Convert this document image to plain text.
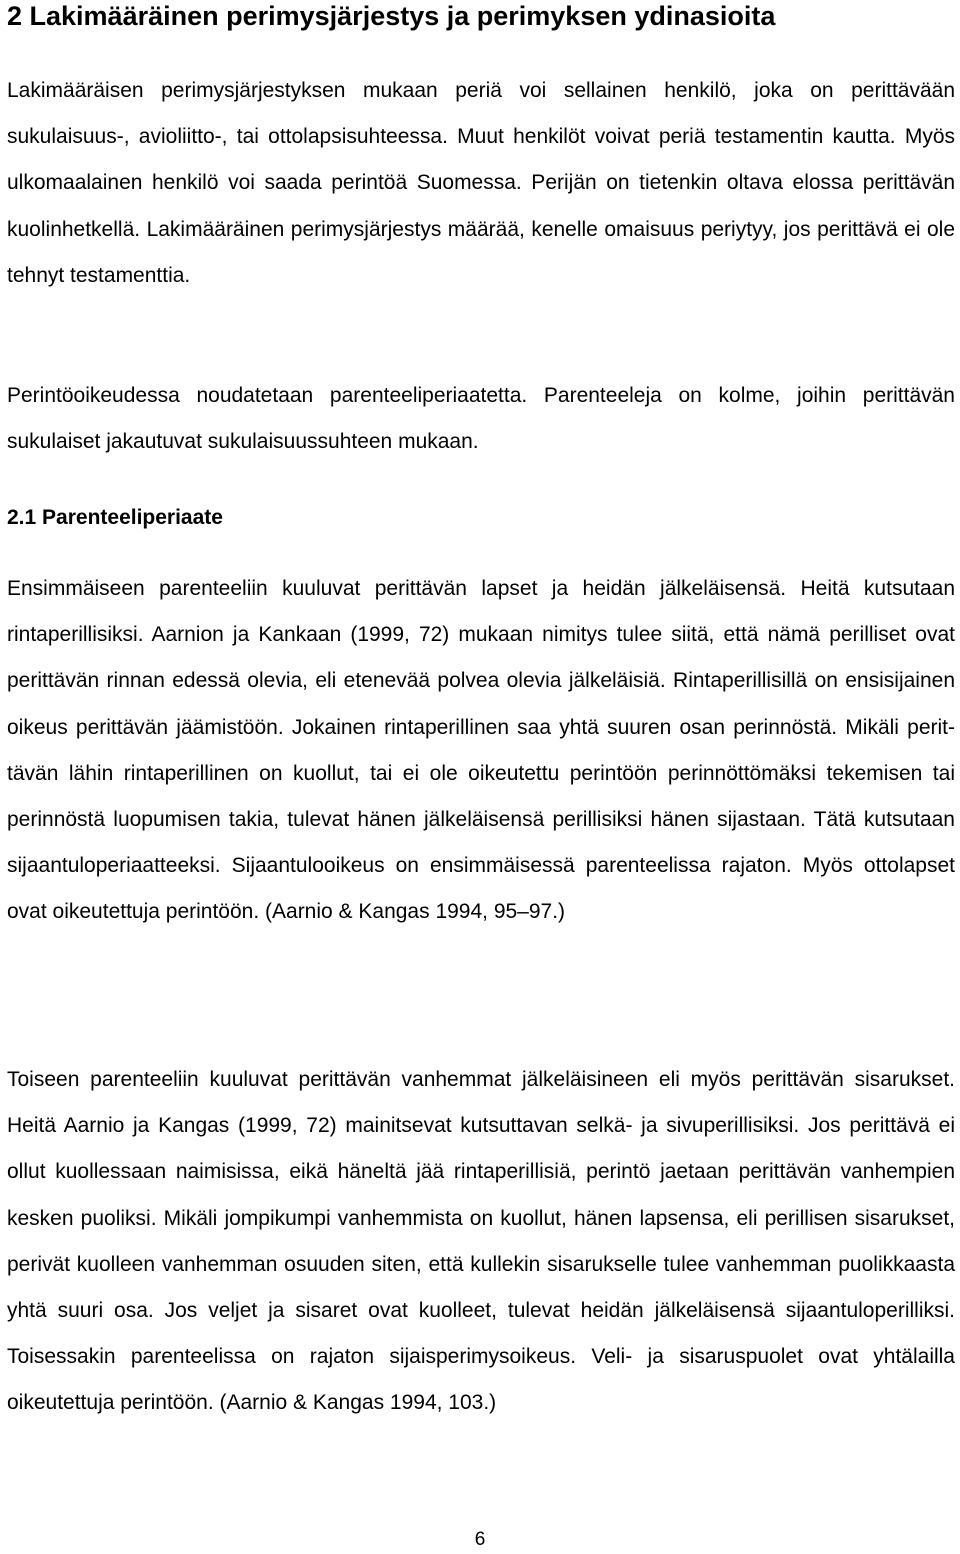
2 Lakimääräinen perimysjärjestys ja perimyksen ydinasioita

Lakimääräisen perimysjärjestyksen mukaan periä voi sellainen henkilö, joka on perittävään sukulaisuus-, avioliitto-, tai ottolapsisuhteessa. Muut henkilöt voivat periä testamentin kautta. Myös ulkomaalainen henkilö voi saada perintöä Suomessa. Perijän on tietenkin oltava elossa perittävän kuolinhetkellä. Lakimääräinen perimysjärjestys määrää, kenelle omaisuus periytyy, jos perittävä ei ole tehnyt testamenttia.

Perintöoikeudessa noudatetaan parenteeliperiaatetta. Parenteeleja on kolme, joihin perittävän sukulaiset jakautuvat sukulaisuussuhteen mukaan.

2.1 Parenteeliperiaate

Ensimmäiseen parenteeliin kuuluvat perittävän lapset ja heidän jälkeläisensä. Heitä kutsutaan rintaperillisiksi. Aarnion ja Kankaan (1999, 72) mukaan nimitys tulee siitä, että nämä perilliset ovat perittävän rinnan edessä olevia, eli etenevää polvea olevia jälkeläisiä. Rintaperillisillä on ensisijainen oikeus perittävän jäämistöön. Jokainen rintaperillinen saa yhtä suuren osan perinnöstä. Mikäli perittävän lähin rintaperillinen on kuollut, tai ei ole oikeutettu perintöön perinnöttömäksi tekemisen tai perinnöstä luopumisen takia, tulevat hänen jälkeläisensä perillisiksi hänen sijastaan. Tätä kutsutaan sijaantuloperiaatteeksi. Sijaantulooikeus on ensimmäisessä parenteelissa rajaton. Myös ottolapset ovat oikeutettuja perintöön. (Aarnio & Kangas 1994, 95–97.)

Toiseen parenteeliin kuuluvat perittävän vanhemmat jälkeläisineen eli myös perittävän sisarukset. Heitä Aarnio ja Kangas (1999, 72) mainitsevat kutsuttavan selkä- ja sivuperillisiksi. Jos perittävä ei ollut kuollessaan naimisissa, eikä häneltä jää rintaperillisiä, perintö jaetaan perittävän vanhempien kesken puoliksi. Mikäli jompikumpi vanhemmista on kuollut, hänen lapsensa, eli perillisen sisarukset, perivät kuolleen vanhemman osuuden siten, että kullekin sisarukselle tulee vanhemman puolikkaasta yhtä suuri osa. Jos veljet ja sisaret ovat kuolleet, tulevat heidän jälkeläisensä sijaantuloperilliksi. Toisessakin parenteelissa on rajaton sijaisperimysoikeus. Veli- ja sisaruspuolet ovat yhtälailla oikeutettuja perintöön. (Aarnio & Kangas 1994, 103.)

6
